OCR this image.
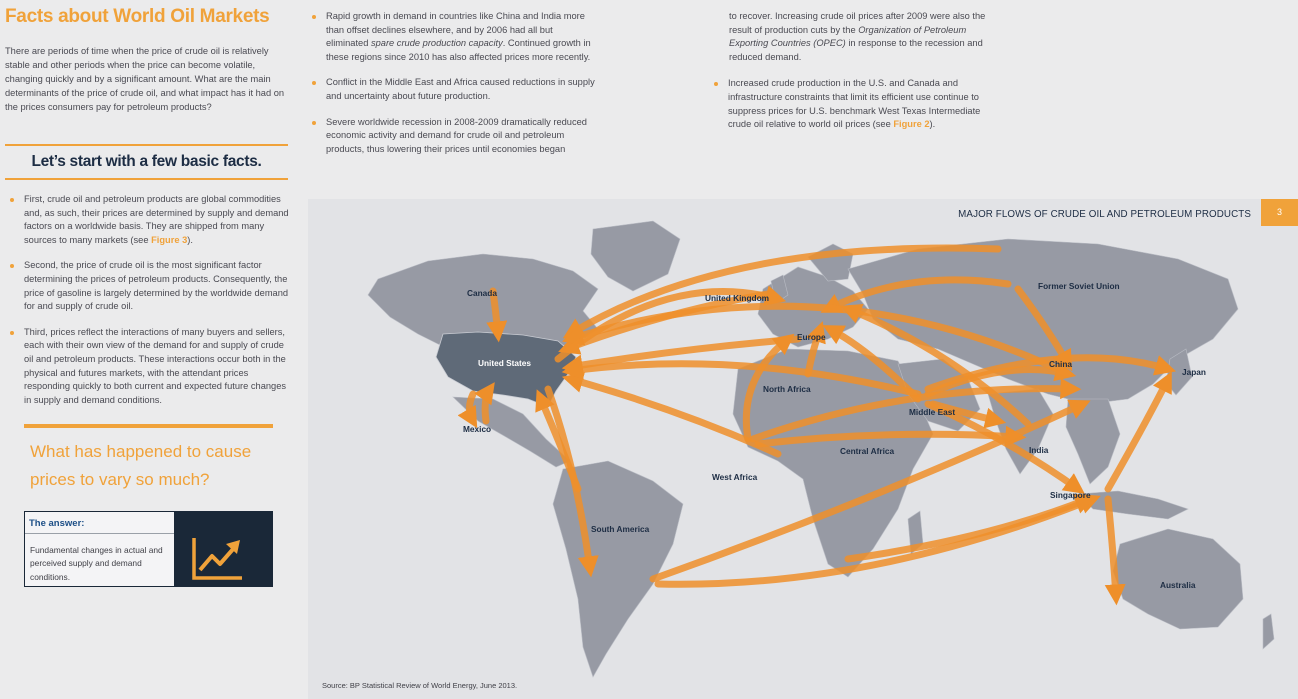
Facts about World Oil Markets
There are periods of time when the price of crude oil is relatively stable and other periods when the price can become volatile, changing quickly and by a significant amount. What are the main determinants of the price of crude oil, and what impact has it had on the prices consumers pay for petroleum products?
Let’s start with a few basic facts.
First, crude oil and petroleum products are global commodities and, as such, their prices are determined by supply and demand factors on a worldwide basis. They are shipped from many sources to many markets (see Figure 3).
Second, the price of crude oil is the most significant factor determining the prices of petroleum products. Consequently, the price of gasoline is largely determined by the worldwide demand for and supply of crude oil.
Third, prices reflect the interactions of many buyers and sellers, each with their own view of the demand for and supply of crude oil and petroleum products. These interactions occur both in the physical and futures markets, with the attendant prices responding quickly to both current and expected future changes in supply and demand conditions.
What has happened to cause prices to vary so much?
The answer:
Fundamental changes in actual and perceived supply and demand conditions.
Rapid growth in demand in countries like China and India more than offset declines elsewhere, and by 2006 had all but eliminated spare crude production capacity. Continued growth in these regions since 2010 has also affected prices more recently.
Conflict in the Middle East and Africa caused reductions in supply and uncertainty about future production.
Severe worldwide recession in 2008-2009 dramatically reduced economic activity and demand for crude oil and petroleum products, thus lowering their prices until economies began
to recover. Increasing crude oil prices after 2009 were also the result of production cuts by the Organization of Petroleum Exporting Countries (OPEC) in response to the recession and reduced demand.
Increased crude production in the U.S. and Canada and infrastructure constraints that limit its efficient use continue to suppress prices for U.S. benchmark West Texas Intermediate crude oil relative to world oil prices (see Figure 2).
MAJOR FLOWS OF CRUDE OIL AND PETROLEUM PRODUCTS	3
Canada	United Kingdom
Former Soviet Union
United States
Europe
China
Japan
North Africa
Middle East
Mexico
Central Africa	India
West Africa
Singapore
South America
Australia
Source: BP Statistical Review of World Energy, June 2013.
